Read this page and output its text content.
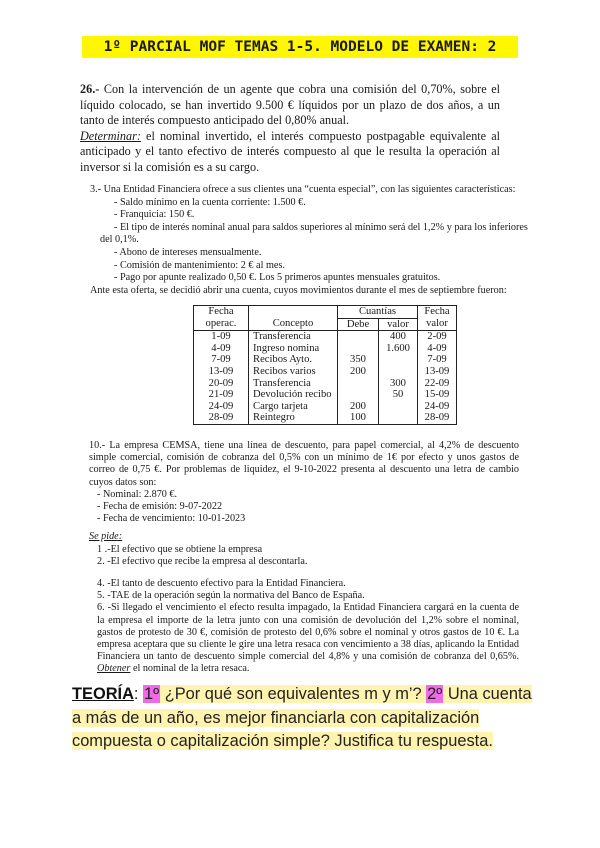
1º PARCIAL MOF TEMAS 1-5. MODELO DE EXAMEN: 2

26.- Con la intervención de un agente que cobra una comisión del 0,70%, sobre el líquido colocado, se han invertido 9.500 € líquidos por un plazo de dos años, a un tanto de interés compuesto anticipado del 0,80% anual.

Determinar: el nominal invertido, el interés compuesto postpagable equivalente al anticipado y el tanto efectivo de interés compuesto al que le resulta la operación al inversor si la comisión es a su cargo.

3.- Una Entidad Financiera ofrece a sus clientes una “cuenta especial”, con las siguientes características:
- Saldo mínimo en la cuenta corriente: 1.500 €.
- Franquicia: 150 €.
- El tipo de interés nominal anual para saldos superiores al mínimo será del 1,2% y para los inferiores
del 0,1%.
- Abono de intereses mensualmente.
- Comisión de mantenimiento: 2 € al mes.
- Pago por apunte realizado 0,50 €. Los 5 primeros apuntes mensuales gratuitos.
Ante esta oferta, se decidió abrir una cuenta, cuyos movimientos durante el mes de septiembre fueron:
Fecha		Cuantías		Fecha
operac.	Concepto	Debe	valor	valor
1-09	Transferencia		400	2-09
4-09	Ingreso nomina		1.600	4-09
7-09	Recibos Ayto.	350		7-09
13-09	Recibos varios	200		13-09
20-09	Transferencia		300	22-09
21-09	Devolución recibo		50	15-09
24-09	Cargo tarjeta	200		24-09
28-09	Reintegro	100		28-09
10.- La empresa CEMSA, tiene una línea de descuento, para papel comercial, al 4,2% de descuento simple comercial, comisión de cobranza del 0,5% con un mínimo de 1€ por efecto y unos gastos de correo de 0,75 €. Por problemas de liquidez, el 9-10-2022 presenta al descuento una letra de cambio cuyos datos son:
- Nominal: 2.870 €.
- Fecha de emisión: 9-07-2022
- Fecha de vencimiento: 10-01-2023
Se pide:
1 .-El efectivo que se obtiene la empresa
2. -El efectivo que recibe la empresa al descontarla.
4. -El tanto de descuento efectivo para la Entidad Financiera.
5. -TAE de la operación según la normativa del Banco de España.
6. -Si llegado el vencimiento el efecto resulta impagado, la Entidad Financiera cargará en la cuenta de la empresa el importe de la letra junto con una comisión de devolución del 1,2% sobre el nominal, gastos de protesto de 30 €, comisión de protesto del 0,6% sobre el nominal y otros gastos de 10 €. La empresa aceptara que su cliente le gire una letra resaca con vencimiento a 38 días, aplicando la Entidad Financiera un tanto de descuento simple comercial del 4,8% y una comisión de cobranza del 0,65%. Obtener el nominal de la letra resaca.
TEORÍA: 1º ¿Por qué son equivalentes m y m’? 2º Una cuenta a más de un año, es mejor financiarla con capitalización compuesta o capitalización simple? Justifica tu respuesta.
